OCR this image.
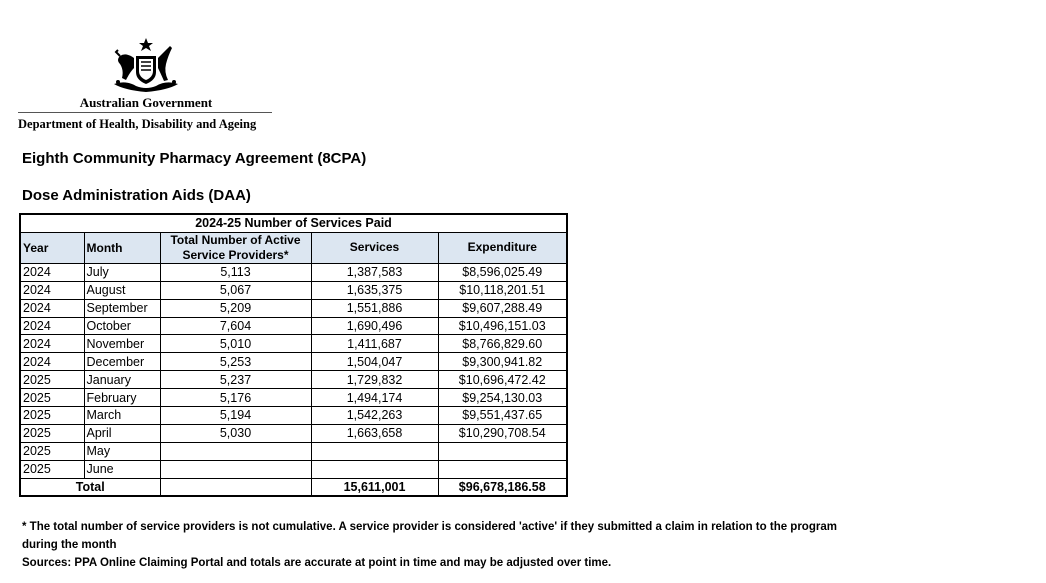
Australian Government
Department of Health, Disability and Ageing
Eighth Community Pharmacy Agreement (8CPA)
Dose Administration Aids (DAA)
2024-25 Number of Services Paid				
Year	Month	Total Number of Active Service Providers*	Services	Expenditure
2024	July	5,113	1,387,583	$8,596,025.49
2024	August	5,067	1,635,375	$10,118,201.51
2024	September	5,209	1,551,886	$9,607,288.49
2024	October	7,604	1,690,496	$10,496,151.03
2024	November	5,010	1,411,687	$8,766,829.60
2024	December	5,253	1,504,047	$9,300,941.82
2025	January	5,237	1,729,832	$10,696,472.42
2025	February	5,176	1,494,174	$9,254,130.03
2025	March	5,194	1,542,263	$9,551,437.65
2025	April	5,030	1,663,658	$10,290,708.54
2025	May			
2025	June			
Total			15,611,001	$96,678,186.58
* The total number of service providers is not cumulative. A service provider is considered 'active' if they submitted a claim in relation to the program during the month
Sources: PPA Online Claiming Portal and totals are accurate at point in time and may be adjusted over time.
